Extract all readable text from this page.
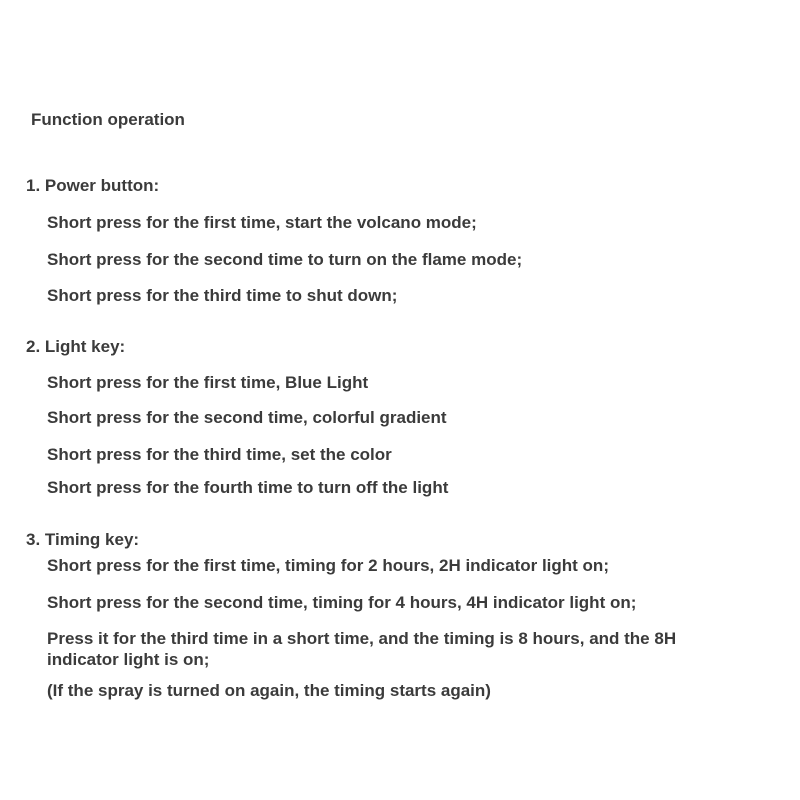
Function operation
1. Power button:
Short press for the first time, start the volcano mode;
Short press for the second time to turn on the flame mode;
Short press for the third time to shut down;
2. Light key:
Short press for the first time, Blue Light
Short press for the second time, colorful gradient
Short press for the third time, set the color
Short press for the fourth time to turn off the light
3. Timing key:
Short press for the first time, timing for 2 hours, 2H indicator light on;
Short press for the second time, timing for 4 hours, 4H indicator light on;
Press it for the third time in a short time, and the timing is 8 hours, and the 8H indicator light is on;
(If the spray is turned on again, the timing starts again)
